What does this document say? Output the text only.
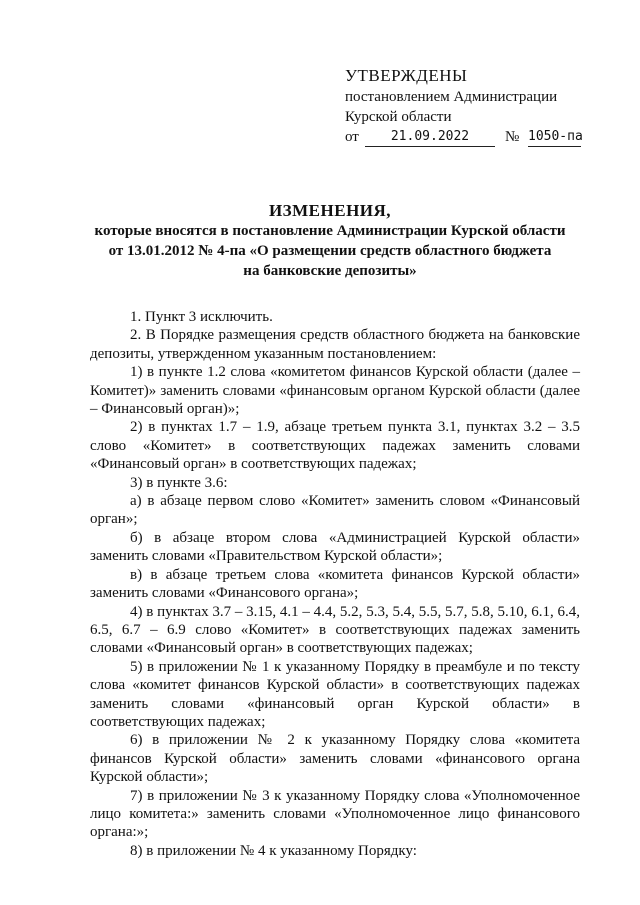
УТВЕРЖДЕНЫ
постановлением Администрации
Курской области
от	21.09.2022	№ 1050-па
ИЗМЕНЕНИЯ,
которые вносятся в постановление Администрации Курской области
от 13.01.2012 № 4-па «О размещении средств областного бюджета
на банковские депозиты»

1. Пункт 3 исключить.

2. В Порядке размещения средств областного бюджета на банковские депозиты, утвержденном указанным постановлением:

1) в пункте 1.2 слова «комитетом финансов Курской области (далее – Комитет)» заменить словами «финансовым органом Курской области (далее – Финансовый орган)»;

2) в пунктах 1.7 – 1.9, абзаце третьем пункта 3.1, пунктах 3.2 – 3.5 слово «Комитет» в соответствующих падежах заменить словами «Финансовый орган» в соответствующих падежах;

3) в пункте 3.6:

а) в абзаце первом слово «Комитет» заменить словом «Финансовый орган»;

б) в абзаце втором слова «Администрацией Курской области» заменить словами «Правительством Курской области»;

в) в абзаце третьем слова «комитета финансов Курской области» заменить словами «Финансового органа»;

4) в пунктах 3.7 – 3.15, 4.1 – 4.4, 5.2, 5.3, 5.4, 5.5, 5.7, 5.8, 5.10, 6.1, 6.4, 6.5, 6.7 – 6.9 слово «Комитет» в соответствующих падежах заменить словами «Финансовый орган» в соответствующих падежах;

5) в приложении № 1 к указанному Порядку в преамбуле и по тексту слова «комитет финансов Курской области» в соответствующих падежах заменить словами «финансовый орган Курской области» в соответствующих падежах;

6) в приложении № 2 к указанному Порядку слова «комитета финансов Курской области» заменить словами «финансового органа Курской области»;

7) в приложении № 3 к указанному Порядку слова «Уполномоченное лицо комитета:» заменить словами «Уполномоченное лицо финансового органа:»;

8) в приложении № 4 к указанному Порядку:
